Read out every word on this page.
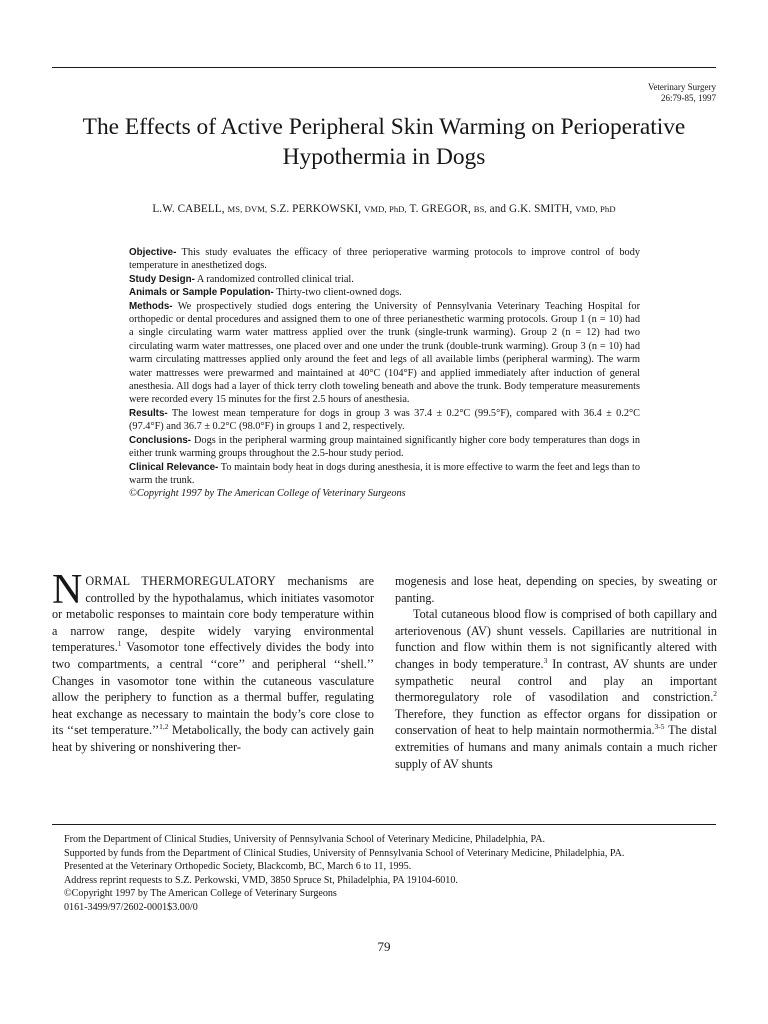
Veterinary Surgery
26:79-85, 1997
The Effects of Active Peripheral Skin Warming on Perioperative
Hypothermia in Dogs
L.W. CABELL, MS, DVM, S.Z. PERKOWSKI, VMD, PhD, T. GREGOR, BS, and G.K. SMITH, VMD, PhD

Objective- This study evaluates the efficacy of three perioperative warming protocols to improve control of body temperature in anesthetized dogs.

Study Design- A randomized controlled clinical trial.

Animals or Sample Population- Thirty-two client-owned dogs.

Methods- We prospectively studied dogs entering the University of Pennsylvania Veterinary Teaching Hospital for orthopedic or dental procedures and assigned them to one of three perianesthetic warming protocols. Group 1 (n = 10) had a single circulating warm water mattress applied over the trunk (single-trunk warming). Group 2 (n = 12) had two circulating warm water mattresses, one placed over and one under the trunk (double-trunk warming). Group 3 (n = 10) had warm circulating mattresses applied only around the feet and legs of all available limbs (peripheral warming). The warm water mattresses were prewarmed and maintained at 40°C (104°F) and applied immediately after induction of general anesthesia. All dogs had a layer of thick terry cloth toweling beneath and above the trunk. Body temperature measurements were recorded every 15 minutes for the first 2.5 hours of anesthesia.

Results- The lowest mean temperature for dogs in group 3 was 37.4 ± 0.2°C (99.5°F), compared with 36.4 ± 0.2°C (97.4°F) and 36.7 ± 0.2°C (98.0°F) in groups 1 and 2, respectively.

Conclusions- Dogs in the peripheral warming group maintained significantly higher core body temperatures than dogs in either trunk warming groups throughout the 2.5-hour study period.

Clinical Relevance- To maintain body heat in dogs during anesthesia, it is more effective to warm the feet and legs than to warm the trunk.

©Copyright 1997 by The American College of Veterinary Surgeons

NORMAL THERMOREGULATORY mechanisms are controlled by the hypothalamus, which initiates vasomotor or metabolic responses to maintain core body temperature within a narrow range, despite widely varying environmental temperatures.$^1$ Vasomotor tone effectively divides the body into two compartments, a central ‘‘core’’ and peripheral ‘‘shell.’’ Changes in vasomotor tone within the cutaneous vasculature allow the periphery to function as a thermal buffer, regulating heat exchange as necessary to maintain the body’s core close to its ‘‘set temperature.’’$^{1,2}$ Metabolically, the body can actively gain heat by shivering or nonshivering ther-

mogenesis and lose heat, depending on species, by sweating or panting.

Total cutaneous blood flow is comprised of both capillary and arteriovenous (AV) shunt vessels. Capillaries are nutritional in function and flow within them is not significantly altered with changes in body temperature.$^3$ In contrast, AV shunts are under sympathetic neural control and play an important thermoregulatory role of vasodilation and constriction.$^2$ Therefore, they function as effector organs for dissipation or conservation of heat to help maintain normothermia.$^{3-5}$ The distal extremities of humans and many animals contain a much richer supply of AV shunts

From the Department of Clinical Studies, University of Pennsylvania School of Veterinary Medicine, Philadelphia, PA.

Supported by funds from the Department of Clinical Studies, University of Pennsylvania School of Veterinary Medicine, Philadelphia, PA.

Presented at the Veterinary Orthopedic Society, Blackcomb, BC, March 6 to 11, 1995.

Address reprint requests to S.Z. Perkowski, VMD, 3850 Spruce St, Philadelphia, PA 19104-6010.

©Copyright 1997 by The American College of Veterinary Surgeons

0161-3499/97/2602-0001$3.00/0

79
